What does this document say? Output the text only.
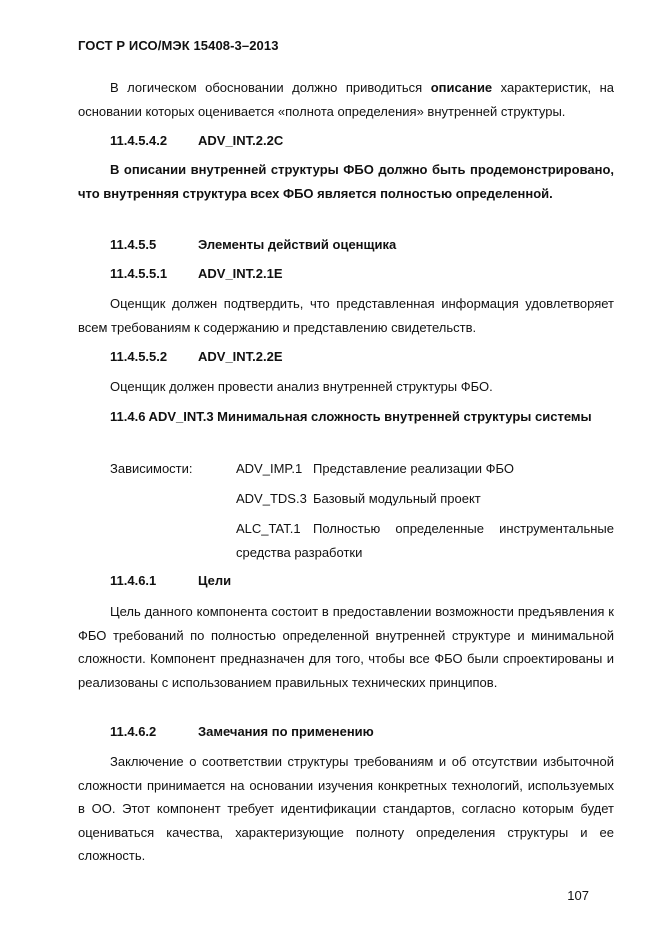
ГОСТ Р ИСО/МЭК 15408-3–2013

В логическом обосновании должно приводиться описание характеристик, на основании которых оценивается «полнота определения» внутренней структуры.

11.4.5.4.2 ADV_INT.2.2C

В описании внутренней структуры ФБО должно быть продемонстрировано, что внутренняя структура всех ФБО является полностью определенной.

11.4.5.5	Элементы действий оценщика
11.4.5.5.1 ADV_INT.2.1E

Оценщик должен подтвердить, что представленная информация удовлетворяет всем требованиям к содержанию и представлению свидетельств.

11.4.5.5.2 ADV_INT.2.2E

Оценщик должен провести анализ внутренней структуры ФБО.

11.4.6 ADV_INT.3 Минимальная сложность внутренней структуры системы

Зависимости:	ADV_IMP.1 Представление реализации ФБО
ADV_TDS.3 Базовый модульный проект
ALC_TAT.1 Полностью определенные инструментальные средства разработки
11.4.6.1	Цели

Цель данного компонента состоит в предоставлении возможности предъявления к ФБО требований по полностью определенной внутренней структуре и минимальной сложности. Компонент предназначен для того, чтобы все ФБО были спроектированы и реализованы с использованием правильных технических принципов.

11.4.6.2	Замечания по применению

Заключение о соответствии структуры требованиям и об отсутствии избыточной сложности принимается на основании изучения конкретных технологий, используемых в ОО. Этот компонент требует идентификации стандартов, согласно которым будет оцениваться качества, характеризующие полноту определения структуры и ее сложность.

107
